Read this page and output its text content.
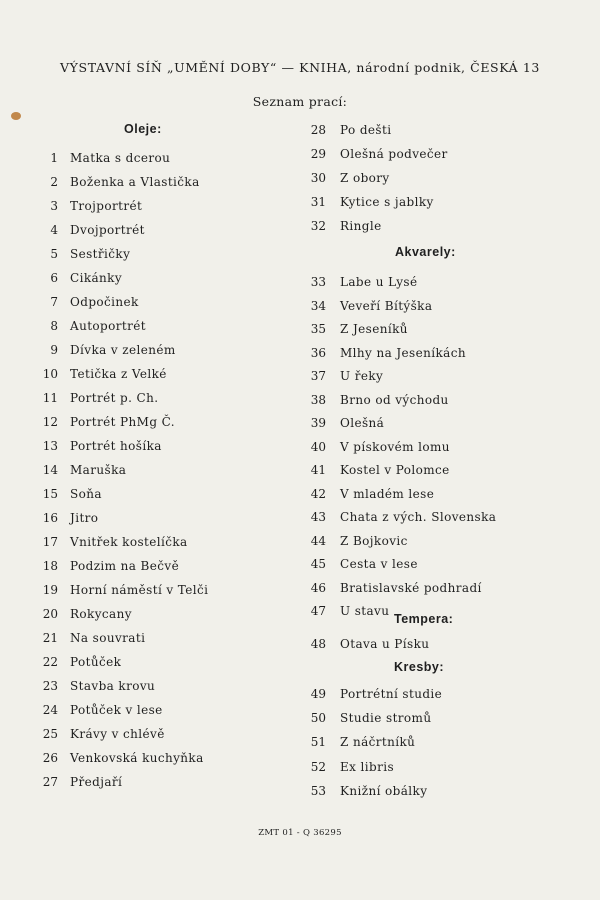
VÝSTAVNÍ SÍŇ „UMĚNÍ DOBY“ — KNIHA, národní podnik, ČESKÁ 13
Seznam prací:
Oleje:
1 Matka s dcerou
2 Boženka a Vlastička
3 Trojportrét
4 Dvojportrét
5 Sestřičky
6 Cikánky
7 Odpočinek
8 Autoportrét
9 Dívka v zeleném
10 Tetička z Velké
11 Portrét p. Ch.
12 Portrét PhMg Č.
13 Portrét hošíka
14 Maruška
15 Soňa
16 Jitro
17 Vnitřek kostelíčka
18 Podzim na Bečvě
19 Horní náměstí v Telči
20 Rokycany
21 Na souvrati
22 Potůček
23 Stavba krovu
24 Potůček v lese
25 Krávy v chlévě
26 Venkovská kuchyňka
27 Předjaří
28 Po dešti
29 Olešná podvečer
30 Z obory
31 Kytice s jablky
32 Ringle
Akvarely:
33 Labe u Lysé
34 Veveří Bítýška
35 Z Jeseníků
36 Mlhy na Jeseníkách
37 U řeky
38 Brno od východu
39 Olešná
40 V pískovém lomu
41 Kostel v Polomce
42 V mladém lese
43 Chata z vých. Slovenska
44 Z Bojkovic
45 Cesta v lese
46 Bratislavské podhradí
47 U stavu
Tempera:
48 Otava u Písku
Kresby:
49 Portrétní studie
50 Studie stromů
51 Z náčrtníků
52 Ex libris
53 Knižní obálky
ZMT 01 - Q 36295
